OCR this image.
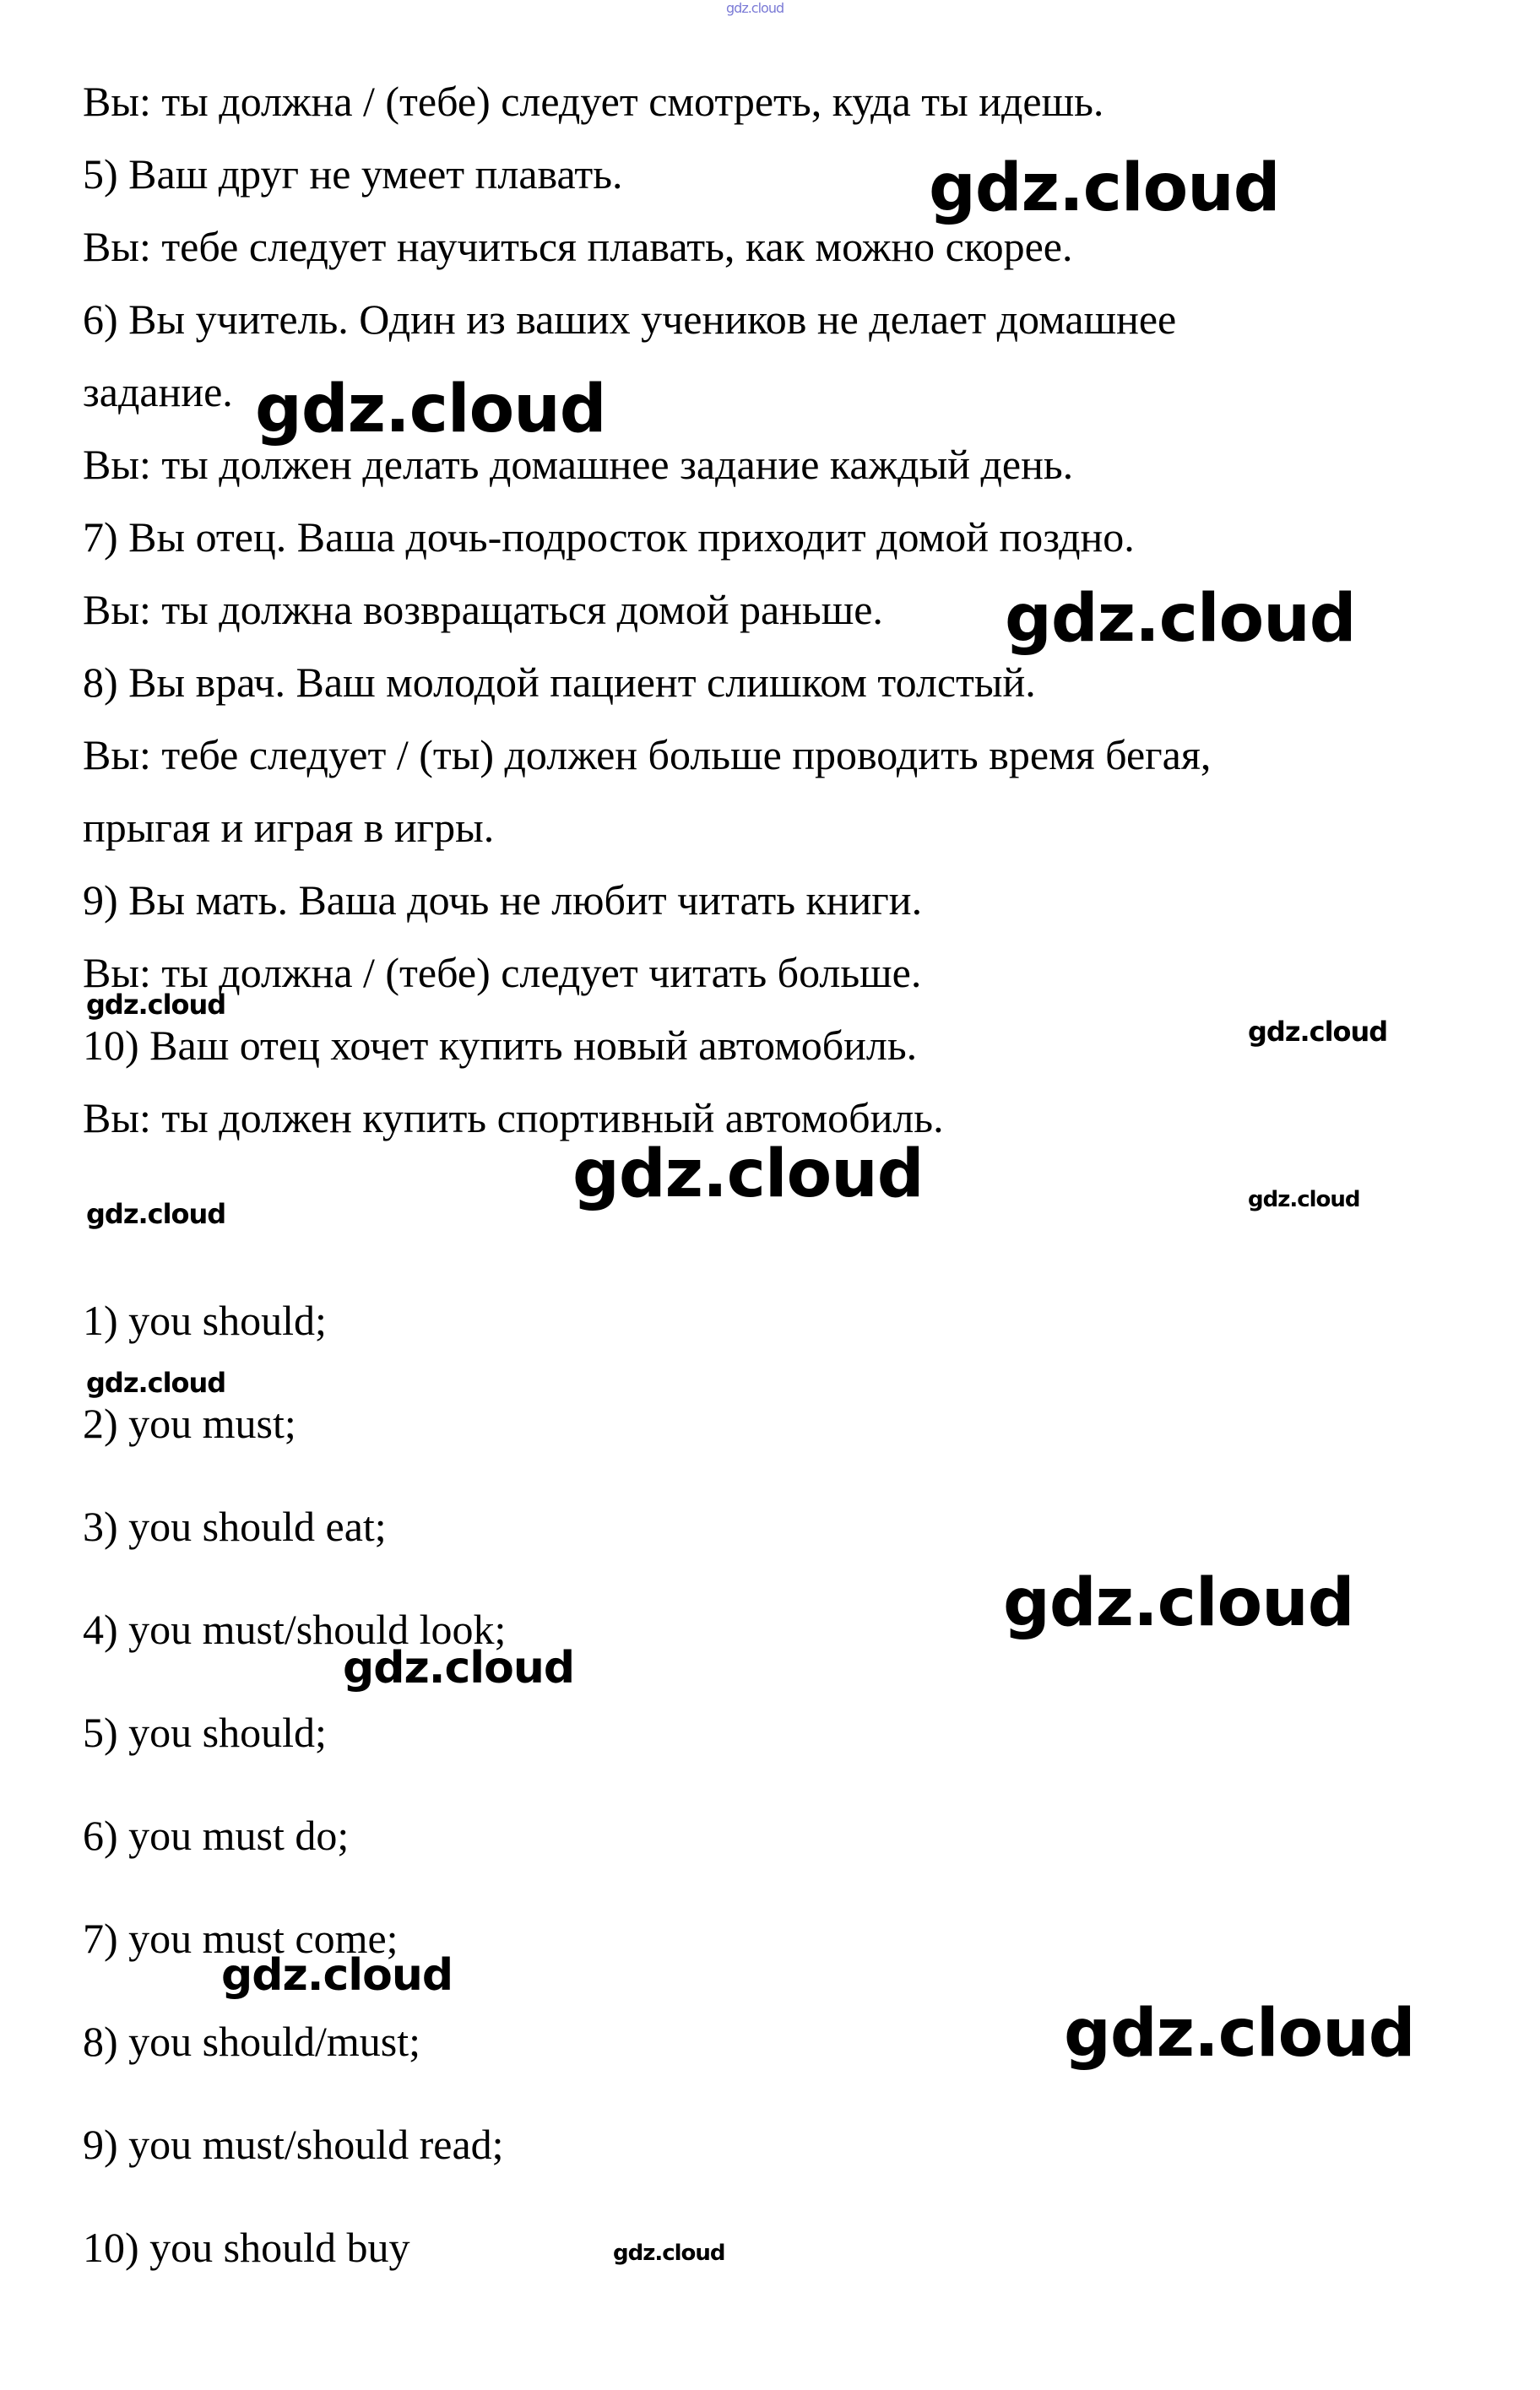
gdz.cloud

Вы: ты должна / (тебе) следует смотреть, куда ты идешь.

5) Ваш друг не умеет плавать.

Вы: тебе следует научиться плавать, как можно скорее.

6) Вы учитель. Один из ваших учеников не делает домашнее

задание.

Вы: ты должен делать домашнее задание каждый день.

7) Вы отец. Ваша дочь-подросток приходит домой поздно.

Вы: ты должна возвращаться домой раньше.

8) Вы врач. Ваш молодой пациент слишком толстый.

Вы: тебе следует / (ты) должен больше проводить время бегая,

прыгая и играя в игры.

9) Вы мать. Ваша дочь не любит читать книги.

Вы: ты должна / (тебе) следует читать больше.

10) Ваш отец хочет купить новый автомобиль.

Вы: ты должен купить спортивный автомобиль.

1) you should;

2) you must;

3) you should eat;

4) you must/should look;

5) you should;

6) you must do;

7) you must come;

8) you should/must;

9) you must/should read;

10) you should buy

gdz.cloud
gdz.cloud
gdz.cloud
gdz.cloud
gdz.cloud
gdz.cloud
gdz.cloud	gdz.cloud
gdz.cloud
gdz.cloud
gdz.cloud
gdz.cloud
gdz.cloud
gdz.cloud
